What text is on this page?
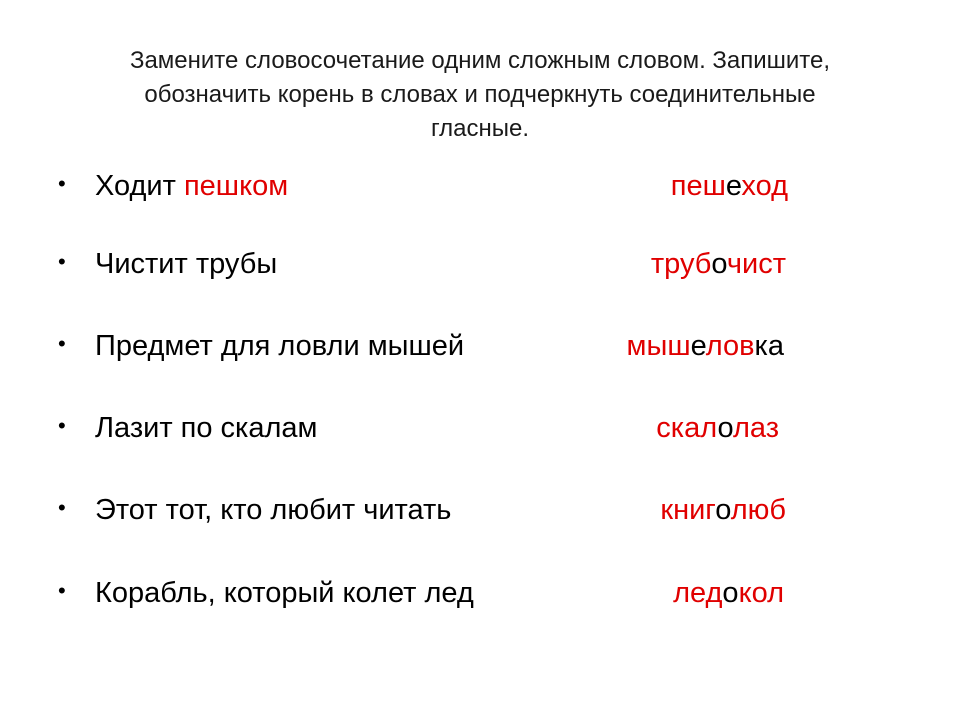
Замените словосочетание одним сложным словом. Запишите,
обозначить корень в словах и подчеркнуть соединительные
гласные.
• Ходит пешком	пешеход
• Чистит трубы	трубочист
• Предмет для ловли мышей	мышеловка
• Лазит по скалам	скалолаз
• Этот тот, кто любит читать	книголюб
• Корабль, который колет лед	ледокол
